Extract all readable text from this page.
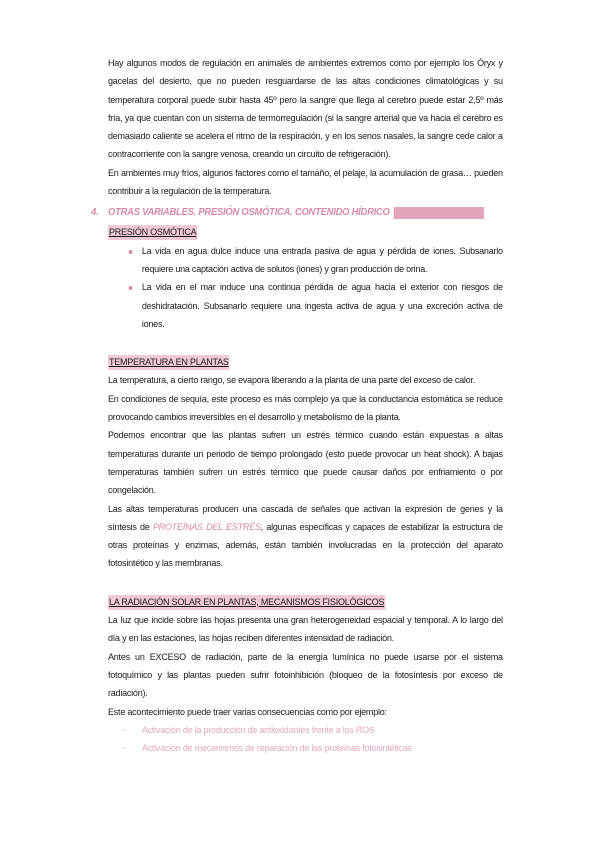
Hay algunos modos de regulación en animales de ambientes extremos como por ejemplo los Óryx y gacelas del desierto, que no pueden resguardarse de las altas condiciones climatológicas y su temperatura corporal puede subir hasta 45º pero la sangre que llega al cerebro puede estar 2,5º más fría, ya que cuentan con un sistema de termorregulación (si la sangre arterial que va hacia el cerebro es demasiado caliente se acelera el ritmo de la respiración, y en los senos nasales, la sangre cede calor a contracorriente con la sangre venosa, creando un circuito de refrigeración).

En ambientes muy fríos, algunos factores como el tamaño, el pelaje, la acumulación de grasa… pueden contribuir a la regulación de la temperatura.

4. OTRAS VARIABLES. PRESIÓN OSMÓTICA. CONTENIDO HÍDRICO
PRESIÓN OSMÓTICA
La vida en agua dulce induce una entrada pasiva de agua y pérdida de iones. Subsanarlo requiere una captación activa de solutos (iones) y gran producción de orina.
La vida en el mar induce una continua pérdida de agua hacia el exterior con riesgos de deshidratación. Subsanarlo requiere una ingesta activa de agua y una excreción activa de iones.
TEMPERATURA EN PLANTAS

La temperatura, a cierto rango, se evapora liberando a la planta de una parte del exceso de calor.

En condiciones de sequía, este proceso es más complejo ya que la conductancia estomática se reduce provocando cambios irreversibles en el desarrollo y metabolismo de la planta.

Podemos encontrar que las plantas sufren un estrés térmico cuando están expuestas a altas temperaturas durante un periodo de tiempo prolongado (esto puede provocar un heat shock). A bajas temperaturas también sufren un estrés térmico que puede causar daños por enfriamiento o por congelación.

Las altas temperaturas producen una cascada de señales que activan la expresión de genes y la síntesis de PROTEÍNAS DEL ESTRÉS, algunas específicas y capaces de estabilizar la estructura de otras proteínas y enzimas, además, están también involucradas en la protección del aparato fotosintético y las membranas.

LA RADIACIÓN SOLAR EN PLANTAS, MECANISMOS FISIOLÓGICOS

La luz que incide sobre las hojas presenta una gran heterogeneidad espacial y temporal. A lo largo del día y en las estaciones, las hojas reciben diferentes intensidad de radiación.

Antes un EXCESO de radiación, parte de la energía lumínica no puede usarse por el sistema fotoquímico y las plantas pueden sufrir fotoinhibición (bloqueo de la fotosíntesis por exceso de radiación).

Este acontecimiento puede traer varias consecuencias como por ejemplo:

- Activación de la producción de antioxidantes frente a los ROS
- Activación de mecanismos de reparación de las proteínas fotosintéticas
